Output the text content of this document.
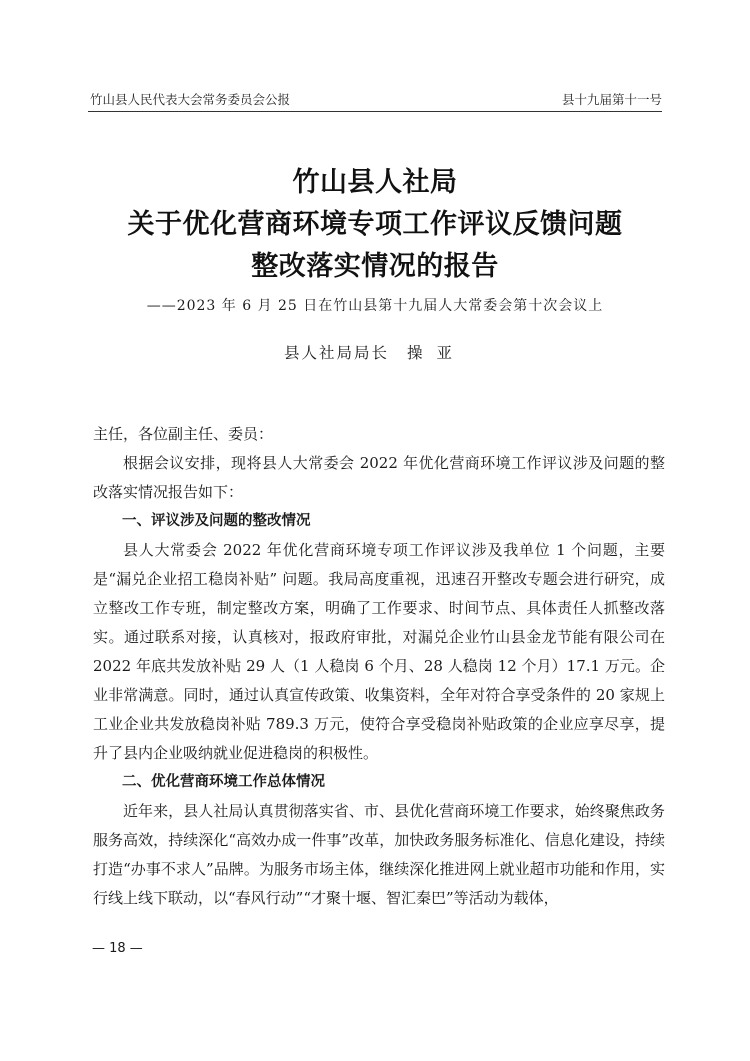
竹山县人民代表大会常务委员会公报	县十九届第十一号
竹山县人社局
关于优化营商环境专项工作评议反馈问题
整改落实情况的报告
——2023 年 6 月 25 日在竹山县第十九届人大常委会第十次会议上
县人社局局长 操亚

主任，各位副主任、委员：

根据会议安排，现将县人大常委会 2022 年优化营商环境工作评议涉及问题的整改落实情况报告如下：

一、评议涉及问题的整改情况

县人大常委会 2022 年优化营商环境专项工作评议涉及我单位 1 个问题，主要是“漏兑企业招工稳岗补贴” 问题。我局高度重视，迅速召开整改专题会进行研究，成立整改工作专班，制定整改方案，明确了工作要求、时间节点、具体责任人抓整改落实。通过联系对接，认真核对，报政府审批，对漏兑企业竹山县金龙节能有限公司在 2022 年底共发放补贴 29 人（1 人稳岗 6 个月、28 人稳岗 12 个月）17.1 万元。企业非常满意。同时，通过认真宣传政策、收集资料，全年对符合享受条件的 20 家规上工业企业共发放稳岗补贴 789.3 万元，使符合享受稳岗补贴政策的企业应享尽享，提升了县内企业吸纳就业促进稳岗的积极性。

二、优化营商环境工作总体情况

近年来，县人社局认真贯彻落实省、市、县优化营商环境工作要求，始终聚焦政务服务高效，持续深化“高效办成一件事”改革，加快政务服务标准化、信息化建设，持续打造“办事不求人”品牌。为服务市场主体，继续深化推进网上就业超市功能和作用，实行线上线下联动，以“春风行动”“才聚十堰、智汇秦巴”等活动为载体，

— 18 —
